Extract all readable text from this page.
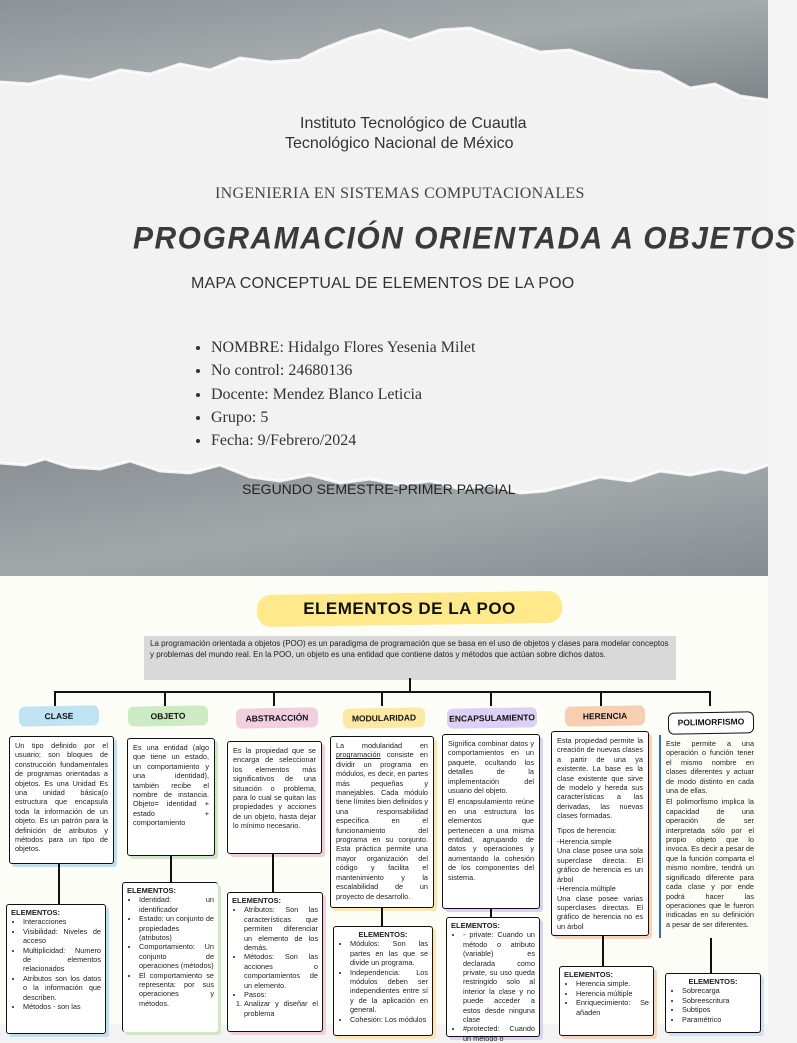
Instituto Tecnológico de Cuautla
Tecnológico Nacional de México
INGENIERIA EN SISTEMAS COMPUTACIONALES
PROGRAMACIÓN ORIENTADA A OBJETOS
MAPA CONCEPTUAL DE ELEMENTOS DE LA POO
• NOMBRE: Hidalgo Flores Yesenia Milet
• No control: 24680136
• Docente: Mendez Blanco Leticia
• Grupo: 5
• Fecha: 9/Febrero/2024
SEGUNDO SEMESTRE-PRIMER PARCIAL
ELEMENTOS DE LA POO
La programación orientada a objetos (POO) es un paradigma de programación que se basa en el uso de objetos y clases para modelar conceptos y problemas del mundo real. En la POO, un objeto es una entidad que contiene datos y métodos que actúan sobre dichos datos.
CLASE	OBJETO	ABSTRACCIÓN	MODULARIDAD	ENCAPSULAMIENTO	HERENCIA
POLIMORFISMO

Un tipo definido por el usuario; son bloques de construcción fundamentales de programas orientadas a objetos. Es una Unidad Es una unidad básica(o estructura que encapsula toda la información de un objeto. Es un patrón para la definición de atributos y métodos para un tipo de objetos.

Es una entidad (algo que tiene un estado, un comportamiento y una identidad), también recibe el nombre de instancia. Objeto= identidad + estado + comportamiento

Es la propiedad que se encarga de seleccionar los elementos más significativos de una situación o problema, para lo cual se quitan las propiedades y acciones de un objeto, hasta dejar lo mínimo necesario.

La modularidad en programación consiste en dividir un programa en módulos, es decir, en partes más pequeñas y manejables. Cada módulo tiene límites bien definidos y una responsabilidad específica en el funcionamiento del programa en su conjunto. Esta práctica permite una mayor organización del código y facilita el mantenimiento y la escalabilidad de un proyecto de desarrollo.

Significa combinar datos y comportamientos en un paquete, ocultando los detalles de la implementación del usuario del objeto.

El encapsulamiento reúne en una estructura los elementos que pertenecen a una misma entidad, agrupando de datos y operaciones y aumentando la cohesión de los componentes del sistema.

Esta propiedad permite la creación de nuevas clases a partir de una ya existente. La base es la clase existente que sirve de modelo y hereda sus características a las derivadas, las nuevas clases formadas.

Tipos de herencia:

-Herencia simple

Una clase posee una sola superclase directa. El gráfico de herencia es un árbol

-Herencia múltiple

Una clase posee varias superclases directas. El gráfico de herencia no es un árbol

Este permite a una operación o función tener el mismo nombre en clases diferentes y actuar de modo distinto en cada una de ellas.

El polimorfismo implica la capacidad de una operación de ser interpretada sólo por el propio objeto que lo invoca. Es decir a pesar de que la función comparta el mismo nombre, tendrá un significado diferente para cada clase y por ende podrá hacer las operaciones que le fueron indicadas en su definición a pesar de ser diferentes.

ELEMENTOS:
• Interacciones
• Visibilidad: Niveles de acceso
• Multiplicidad: Numero de elementos relacionados
• Atributos son los datos o la información que describen.
• Métodos - son las
ELEMENTOS:
• Identidad: un identificador
• Estado: un conjunto de propiedades (atributos)
• Comportamiento: Un conjunto de operaciones (métodos)
• El comportamiento se representa: por sus operaciones y métodos.
ELEMENTOS:
• Atributos: Son las características que permiten diferenciar un elemento de los demás.
• Métodos: Son las acciones o comportamientos de un elemento.
• Pasos:
1. Analizar y diseñar el problema
ELEMENTOS:
• Módulos: Son las partes en las que se divide un programa.
• Independencia: Los módulos deben ser independientes entre sí y de la aplicación en general.
• Cohesión: Los módulos
ELEMENTOS:
• - private: Cuando un método o atributo (variable) es declarada como private, su uso queda restringido solo al interior la clase y no puede acceder a estos desde ninguna clase
• #protected: Cuando un método o
ELEMENTOS:
• Herencia simple.
• Herencia múltiple
• Enriquecimiento: Se añaden
ELEMENTOS:
• Sobrecarga
• Sobreescritura
• Subtipos
• Paramétrico
